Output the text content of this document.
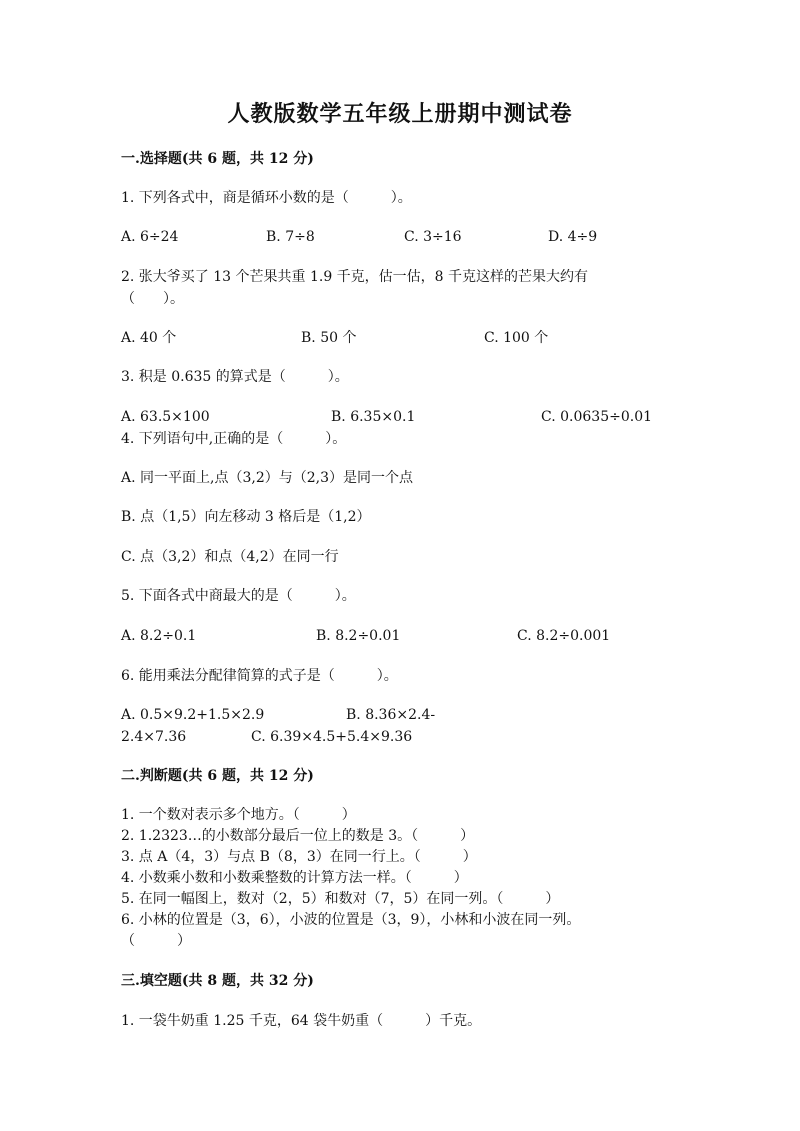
人教版数学五年级上册期中测试卷
一.选择题(共 6 题，共 12 分)
1. 下列各式中，商是循环小数的是（　　　）。
A. 6÷24	B. 7÷8	C. 3÷16	D. 4÷9
2. 张大爷买了 13 个芒果共重 1.9 千克，估一估，8 千克这样的芒果大约有
（　　）。
A. 40 个	B. 50 个	C. 100 个
3. 积是 0.635 的算式是（　　　）。
A. 63.5×100	B. 6.35×0.1	C. 0.0635÷0.01
4. 下列语句中,正确的是（　　　）。
A. 同一平面上,点（3,2）与（2,3）是同一个点
B. 点（1,5）向左移动 3 格后是（1,2）
C. 点（3,2）和点（4,2）在同一行
5. 下面各式中商最大的是（　　　）。
A. 8.2÷0.1	B. 8.2÷0.01	C. 8.2÷0.001
6. 能用乘法分配律简算的式子是（　　　）。
A. 0.5×9.2+1.5×2.9	B. 8.36×2.4-
2.4×7.36	C. 6.39×4.5+5.4×9.36
二.判断题(共 6 题，共 12 分)
1. 一个数对表示多个地方。（　　　）
2. 1.2323…的小数部分最后一位上的数是 3。（　　　）
3. 点 A（4，3）与点 B（8，3）在同一行上。（　　　）
4. 小数乘小数和小数乘整数的计算方法一样。（　　　）
5. 在同一幅图上，数对（2，5）和数对（7，5）在同一列。（　　　）
6. 小林的位置是（3，6），小波的位置是（3，9），小林和小波在同一列。
（　　　）
三.填空题(共 8 题，共 32 分)
1. 一袋牛奶重 1.25 千克，64 袋牛奶重（　　　）千克。
